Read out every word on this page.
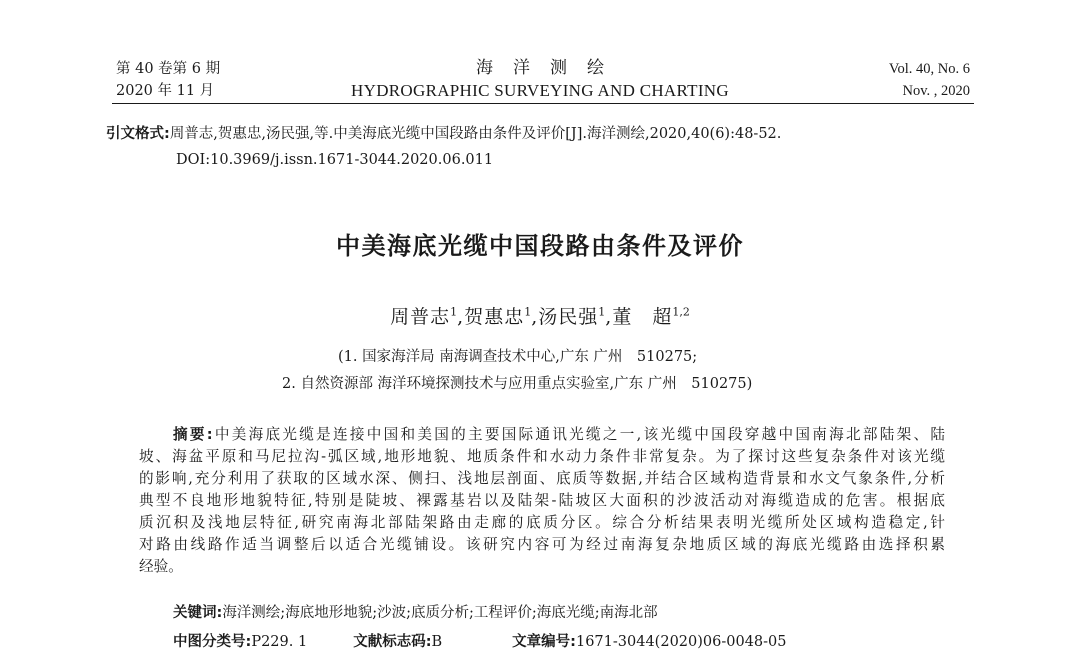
第 40 卷第 6 期
2020 年 11 月
海洋测绘
HYDROGRAPHIC SURVEYING AND CHARTING
Vol. 40, No. 6
Nov. , 2020
引文格式:周普志,贺惠忠,汤民强,等.中美海底光缆中国段路由条件及评价[J].海洋测绘,2020,40(6):48-52.
DOI:10.3969/j.issn.1671-3044.2020.06.011
中美海底光缆中国段路由条件及评价
周普志$^1$,贺惠忠$^1$,汤民强$^1$,董　超$^{1,2}$
(1. 国家海洋局 南海调查技术中心,广东 广州　510275;
2. 自然资源部 海洋环境探测技术与应用重点实验室,广东 广州　510275)
摘要:中美海底光缆是连接中国和美国的主要国际通讯光缆之一,该光缆中国段穿越中国南海北部陆架、陆
坡、海盆平原和马尼拉沟-弧区域,地形地貌、地质条件和水动力条件非常复杂。为了探讨这些复杂条件对该光缆
的影响,充分利用了获取的区域水深、侧扫、浅地层剖面、底质等数据,并结合区域构造背景和水文气象条件,分析
典型不良地形地貌特征,特别是陡坡、裸露基岩以及陆架-陆坡区大面积的沙波活动对海缆造成的危害。根据底
质沉积及浅地层特征,研究南海北部陆架路由走廊的底质分区。综合分析结果表明光缆所处区域构造稳定,针
对路由线路作适当调整后以适合光缆铺设。该研究内容可为经过南海复杂地质区域的海底光缆路由选择积累
经验。
关键词:海洋测绘;海底地形地貌;沙波;底质分析;工程评价;海底光缆;南海北部
中图分类号:P229. 1	文献标志码:B	文章编号:1671-3044(2020)06-0048-05
